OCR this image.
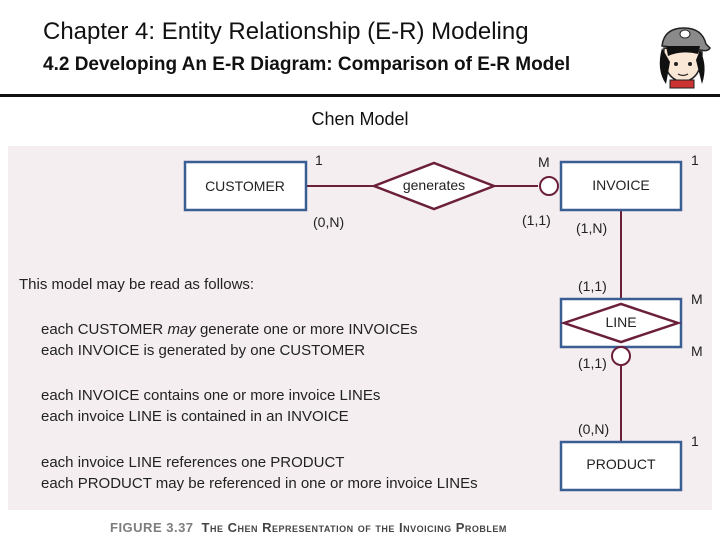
Chapter 4: Entity Relationship (E-R) Modeling
4.2 Developing An E-R Diagram: Comparison of E-R Model
Chen Model
CUSTOMER	INVOICE
LINE
PRODUCT
generates
1	M	1
(0,N)	(1,1) (1,N)
(1,1)
M
M
(1,1)
(0,N)
1
This model may be read as follows:
each CUSTOMER may generate one or more INVOICEs
each INVOICE is generated by one CUSTOMER
each INVOICE contains one or more invoice LINEs
each invoice LINE is contained in an INVOICE
each invoice LINE references one PRODUCT
each PRODUCT may be referenced in one or more invoice LINEs
FIGURE 3.37 The Chen Representation of the Invoicing Problem
